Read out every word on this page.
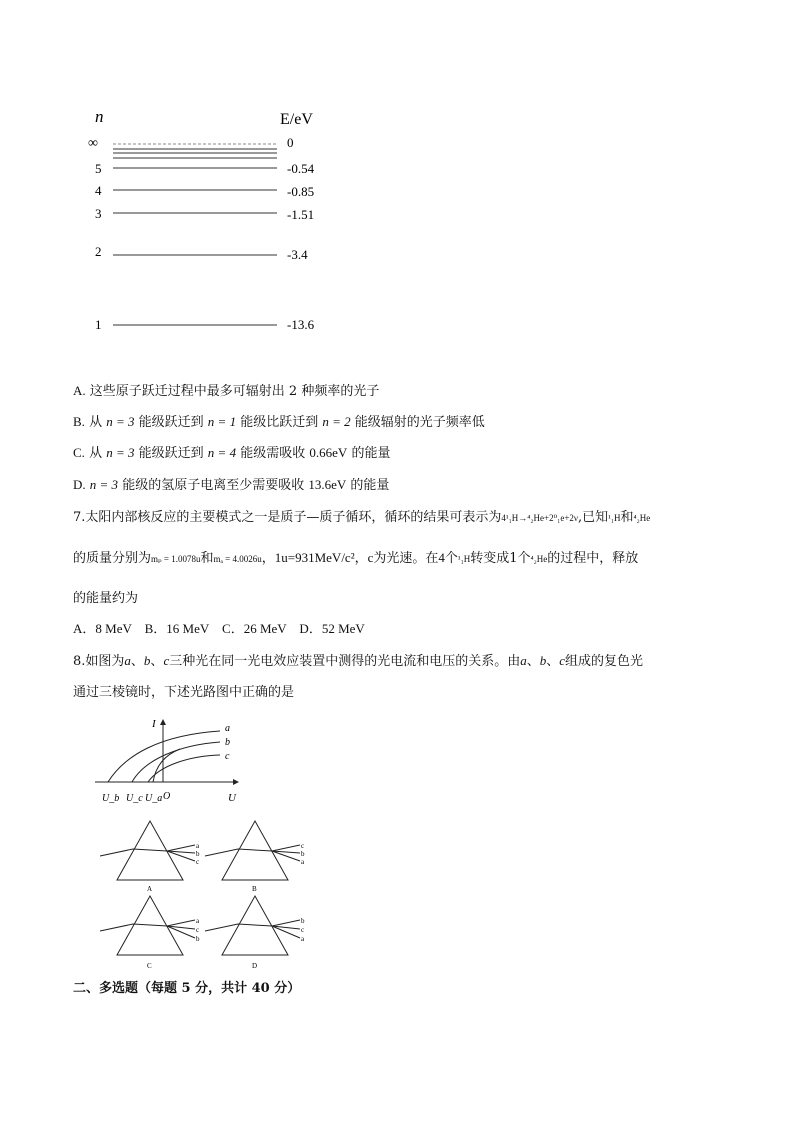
n	E/eV
∞	0
5	-0.54
4	-0.85
3	-1.51
2	-3.4
1	-13.6
A. 这些原子跃迁过程中最多可辐射出 2 种频率的光子
B. 从 n = 3 能级跃迁到 n = 1 能级比跃迁到 n = 2 能级辐射的光子频率低
C. 从 n = 3 能级跃迁到 n = 4 能级需吸收 0.66eV 的能量
D. n = 3 能级的氢原子电离至少需要吸收 13.6eV 的能量
7.太阳内部核反应的主要模式之一是质子—质子循环，循环的结果可表示为4¹₁H→⁴₂He+2⁰₁e+2ν,已知¹₁H和⁴₂He
的质量分别为mₚ = 1.0078u和mₐ = 4.0026u，1u=931MeV/c²，c为光速。在4个¹₁H转变成1个⁴₂He的过程中，释放
的能量约为
A．8 MeV　B．16 MeV　C．26 MeV　D．52 MeV
8.如图为a、b、c三种光在同一光电效应装置中测得的光电流和电压的关系。由a、b、c组成的复色光
通过三棱镜时，下述光路图中正确的是
I
U
O
a
b
c
U_b U_c U_a
a
b
c
A
c
b
a
B
a
c
b
C
b
c
a
D
二、多选题（每题 5 分，共计 40 分）
